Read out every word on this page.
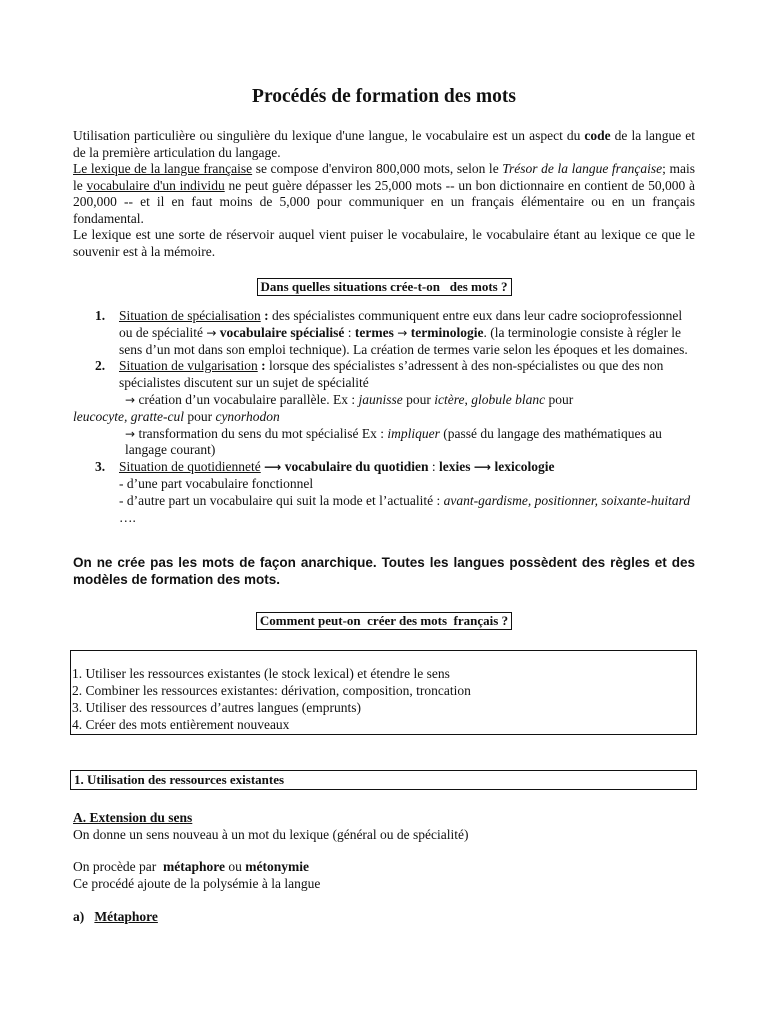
Procédés de formation des mots

Utilisation particulière ou singulière du lexique d'une langue, le vocabulaire est un aspect du code de la langue et de la première articulation du langage.
Le lexique de la langue française se compose d'environ 800,000 mots, selon le Trésor de la langue française; mais le vocabulaire d'un individu ne peut guère dépasser les 25,000 mots -- un bon dictionnaire en contient de 50,000 à 200,000 -- et il en faut moins de 5,000 pour communiquer en un français élémentaire ou en un français fondamental.

Le lexique est une sorte de réservoir auquel vient puiser le vocabulaire, le vocabulaire étant au lexique ce que le souvenir est à la mémoire.

Dans quelles situations crée-t-on   des mots ?
1. Situation de spécialisation : des spécialistes communiquent entre eux dans leur cadre socioprofessionnel ou de spécialité → vocabulaire spécialisé : termes → terminologie. (la terminologie consiste à régler le sens d’un mot dans son emploi technique). La création de termes varie selon les époques et les domaines.
2. Situation de vulgarisation : lorsque des spécialistes s’adressent à des non-spécialistes ou que des non spécialistes discutent sur un sujet de spécialité

→ création d’un vocabulaire parallèle. Ex : jaunisse pour ictère, globule blanc pour
leucocyte, gratte-cul pour cynorhodon

→ transformation du sens du mot spécialisé Ex : impliquer (passé du langage des mathématiques au langage courant)
3. Situation de quotidienneté ⟶ vocabulaire du quotidien : lexies ⟶ lexicologie
- d’une part vocabulaire fonctionnel
- d’autre part un vocabulaire qui suit la mode et l’actualité : avant-gardisme, positionner, soixante-huitard ….

On ne crée pas les mots de façon anarchique. Toutes les langues possèdent des règles et des modèles de formation des mots.

Comment peut-on  créer des mots  français ?
1. Utiliser les ressources existantes (le stock lexical) et étendre le sens
2. Combiner les ressources existantes: dérivation, composition, troncation
3. Utiliser des ressources d’autres langues (emprunts)
4. Créer des mots entièrement nouveaux
1. Utilisation des ressources existantes

A. Extension du sens

On donne un sens nouveau à un mot du lexique (général ou de spécialité)

On procède par  métaphore ou métonymie

Ce procédé ajoute de la polysémie à la langue

a) Métaphore
